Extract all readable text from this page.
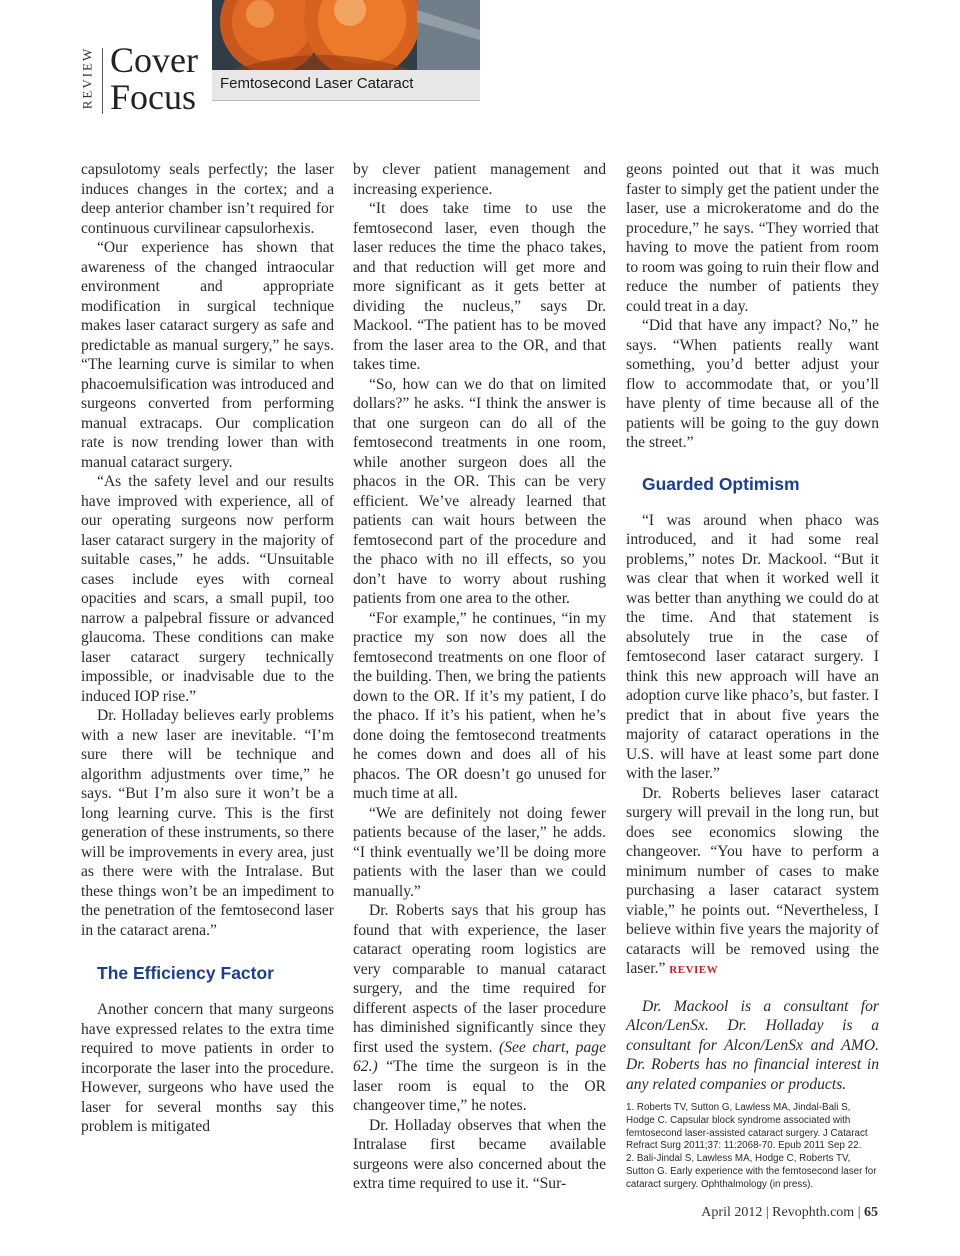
REVIEW Cover
Focus Femtosecond Laser Cataract

capsulotomy seals perfectly; the laser induces changes in the cortex; and a deep anterior chamber isn’t required for continuous curvilinear capsulorhexis.

“Our experience has shown that awareness of the changed intraocular environment and appropriate modification in surgical technique makes laser cataract surgery as safe and predictable as manual surgery,” he says. “The learning curve is similar to when phacoemulsification was introduced and surgeons converted from performing manual extracaps. Our complication rate is now trending lower than with manual cataract surgery.

“As the safety level and our results have improved with experience, all of our operating surgeons now perform laser cataract surgery in the majority of suitable cases,” he adds. “Unsuitable cases include eyes with corneal opacities and scars, a small pupil, too narrow a palpebral fissure or advanced glaucoma. These conditions can make laser cataract surgery technically impossible, or inadvisable due to the induced IOP rise.”

Dr. Holladay believes early problems with a new laser are inevitable. “I’m sure there will be technique and algorithm adjustments over time,” he says. “But I’m also sure it won’t be a long learning curve. This is the first generation of these instruments, so there will be improvements in every area, just as there were with the Intralase. But these things won’t be an impediment to the penetration of the femtosecond laser in the cataract arena.”

The Efficiency Factor

Another concern that many surgeons have expressed relates to the extra time required to move patients in order to incorporate the laser into the procedure. However, surgeons who have used the laser for several months say this problem is mitigated

by clever patient management and increasing experience.

“It does take time to use the femtosecond laser, even though the laser reduces the time the phaco takes, and that reduction will get more and more significant as it gets better at dividing the nucleus,” says Dr. Mackool. “The patient has to be moved from the laser area to the OR, and that takes time.

“So, how can we do that on limited dollars?” he asks. “I think the answer is that one surgeon can do all of the femtosecond treatments in one room, while another surgeon does all the phacos in the OR. This can be very efficient. We’ve already learned that patients can wait hours between the femtosecond part of the procedure and the phaco with no ill effects, so you don’t have to worry about rushing patients from one area to the other.

“For example,” he continues, “in my practice my son now does all the femtosecond treatments on one floor of the building. Then, we bring the patients down to the OR. If it’s my patient, I do the phaco. If it’s his patient, when he’s done doing the femtosecond treatments he comes down and does all of his phacos. The OR doesn’t go unused for much time at all.

“We are definitely not doing fewer patients because of the laser,” he adds. “I think eventually we’ll be doing more patients with the laser than we could manually.”

Dr. Roberts says that his group has found that with experience, the laser cataract operating room logistics are very comparable to manual cataract surgery, and the time required for different aspects of the laser procedure has diminished significantly since they first used the system. (See chart, page 62.) “The time the surgeon is in the laser room is equal to the OR changeover time,” he notes.

Dr. Holladay observes that when the Intralase first became available surgeons were also concerned about the extra time required to use it. “Sur-

geons pointed out that it was much faster to simply get the patient under the laser, use a microkeratome and do the procedure,” he says. “They worried that having to move the patient from room to room was going to ruin their flow and reduce the number of patients they could treat in a day.

“Did that have any impact? No,” he says. “When patients really want something, you’d better adjust your flow to accommodate that, or you’ll have plenty of time because all of the patients will be going to the guy down the street.”

Guarded Optimism

“I was around when phaco was introduced, and it had some real problems,” notes Dr. Mackool. “But it was clear that when it worked well it was better than anything we could do at the time. And that statement is absolutely true in the case of femtosecond laser cataract surgery. I think this new approach will have an adoption curve like phaco’s, but faster. I predict that in about five years the majority of cataract operations in the U.S. will have at least some part done with the laser.”

Dr. Roberts believes laser cataract surgery will prevail in the long run, but does see economics slowing the changeover. “You have to perform a minimum number of cases to make purchasing a laser cataract system viable,” he points out. “Nevertheless, I believe within five years the majority of cataracts will be removed using the laser.” REVIEW

Dr. Mackool is a consultant for Alcon/LenSx. Dr. Holladay is a consultant for Alcon/LenSx and AMO. Dr. Roberts has no financial interest in any related companies or products.

1. Roberts TV, Sutton G, Lawless MA, Jindal-Bali S, Hodge C. Capsular block syndrome associated with femtosecond laser-assisted cataract surgery. J Cataract Refract Surg 2011;37: 11:2068-70. Epub 2011 Sep 22.

2. Bali-Jindal S, Lawless MA, Hodge C, Roberts TV, Sutton G. Early experience with the femtosecond laser for cataract surgery. Ophthalmology (in press).

April 2012 | Revophth.com | 65
